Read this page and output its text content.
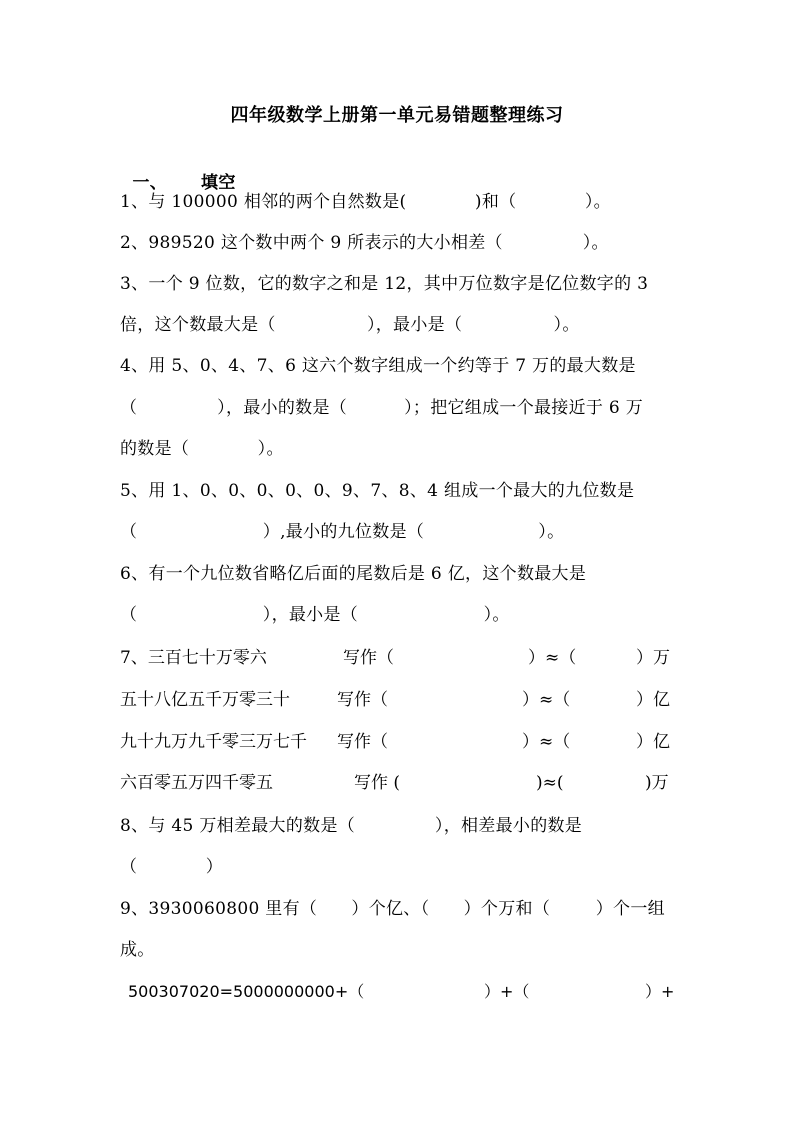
四年级数学上册第一单元易错题整理练习

一、 填空

1、与 100000 相邻的两个自然数是(            )和（            ）。
2、989520 这个数中两个 9 所表示的大小相差（              ）。
3、一个 9 位数，它的数字之和是 12，其中万位数字是亿位数字的 3
倍，这个数最大是（                ），最小是（                ）。
4、用 5、0、4、7、6 这六个数字组成一个约等于 7 万的最大数是
（              ），最小的数是（          ）；把它组成一个最接近于 6 万
的数是（            ）。
5、用 1、0、0、0、0、0、9、7、8、4 组成一个最大的九位数是
（                      ）,最小的九位数是（                    ）。
6、有一个九位数省略亿后面的尾数后是 6 亿，这个数最大是
（                      ），最小是（                      ）。
7、三百七十万零六	写作（	）≈（	）万
五十八亿五千万零三十	写作（	）≈（	）亿
九十九万九千零三万七千 写作（	）≈（	）亿
六百零五万四千零五	写作 (	)≈(	)万
8、与 45 万相差最大的数是（              ），相差最小的数是
（            ）
9、3930060800 里有（      ）个亿、（      ）个万和（        ）个一组
成。
500307020=5000000000+（	）+（	）+
